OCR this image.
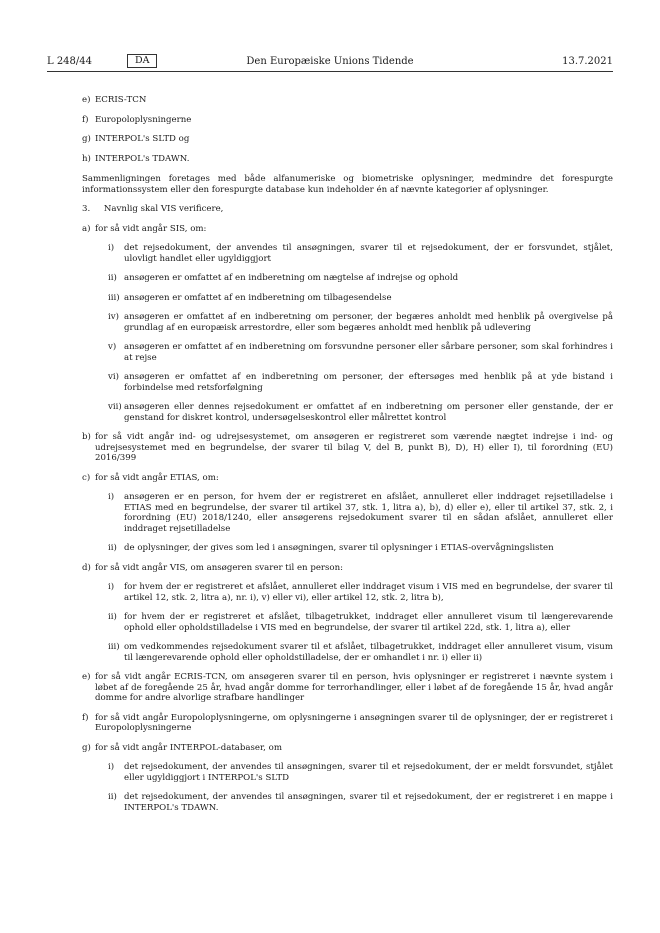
L 248/44	DA	Den Europæiske Unions Tidende	13.7.2021
e) ECRIS-TCN
f) Europoloplysningerne
g) INTERPOL's SLTD og
h) INTERPOL's TDAWN.
Sammenligningen foretages med både alfanumeriske og biometriske oplysninger, medmindre det forespurgte informationssystem eller den forespurgte database kun indeholder én af nævnte kategorier af oplysninger.
3.     Navnlig skal VIS verificere,
a) for så vidt angår SIS, om:
i)	det rejsedokument, der anvendes til ansøgningen, svarer til et rejsedokument, der er forsvundet, stjålet, ulovligt handlet eller ugyldiggjort
ii) ansøgeren er omfattet af en indberetning om nægtelse af indrejse og ophold
iii) ansøgeren er omfattet af en indberetning om tilbagesendelse
iv) ansøgeren er omfattet af en indberetning om personer, der begæres anholdt med henblik på overgivelse på grundlag af en europæisk arrestordre, eller som begæres anholdt med henblik på udlevering
v) ansøgeren er omfattet af en indberetning om forsvundne personer eller sårbare personer, som skal forhindres i at rejse
vi) ansøgeren er omfattet af en indberetning om personer, der eftersøges med henblik på at yde bistand i forbindelse med retsforfølgning
vii) ansøgeren eller dennes rejsedokument er omfattet af en indberetning om personer eller genstande, der er genstand for diskret kontrol, undersøgelseskontrol eller målrettet kontrol
b) for så vidt angår ind- og udrejsesystemet, om ansøgeren er registreret som værende nægtet indrejse i ind- og udrejsesystemet med en begrundelse, der svarer til bilag V, del B, punkt B), D), H) eller I), til forordning (EU) 2016/399
c) for så vidt angår ETIAS, om:
i)	ansøgeren er en person, for hvem der er registreret en afslået, annulleret eller inddraget rejsetilladelse i ETIAS med en begrundelse, der svarer til artikel 37, stk. 1, litra a), b), d) eller e), eller til artikel 37, stk. 2, i forordning (EU) 2018/1240, eller ansøgerens rejsedokument svarer til en sådan afslået, annulleret eller inddraget rejsetilladelse
ii) de oplysninger, der gives som led i ansøgningen, svarer til oplysninger i ETIAS-overvågningslisten
d) for så vidt angår VIS, om ansøgeren svarer til en person:
i)	for hvem der er registreret et afslået, annulleret eller inddraget visum i VIS med en begrundelse, der svarer til artikel 12, stk. 2, litra a), nr. i), v) eller vi), eller artikel 12, stk. 2, litra b),
ii) for hvem der er registreret et afslået, tilbagetrukket, inddraget eller annulleret visum til længerevarende ophold eller opholdstilladelse i VIS med en begrundelse, der svarer til artikel 22d, stk. 1, litra a), eller
iii) om vedkommendes rejsedokument svarer til et afslået, tilbagetrukket, inddraget eller annulleret visum, visum til længerevarende ophold eller opholdstilladelse, der er omhandlet i nr. i) eller ii)
e) for så vidt angår ECRIS-TCN, om ansøgeren svarer til en person, hvis oplysninger er registreret i nævnte system i løbet af de foregående 25 år, hvad angår domme for terrorhandlinger, eller i løbet af de foregående 15 år, hvad angår domme for andre alvorlige strafbare handlinger
f) for så vidt angår Europoloplysningerne, om oplysningerne i ansøgningen svarer til de oplysninger, der er registreret i Europoloplysningerne
g) for så vidt angår INTERPOL-databaser, om
i)	det rejsedokument, der anvendes til ansøgningen, svarer til et rejsedokument, der er meldt forsvundet, stjålet eller ugyldiggjort i INTERPOL's SLTD
ii) det rejsedokument, der anvendes til ansøgningen, svarer til et rejsedokument, der er registreret i en mappe i INTERPOL's TDAWN.
